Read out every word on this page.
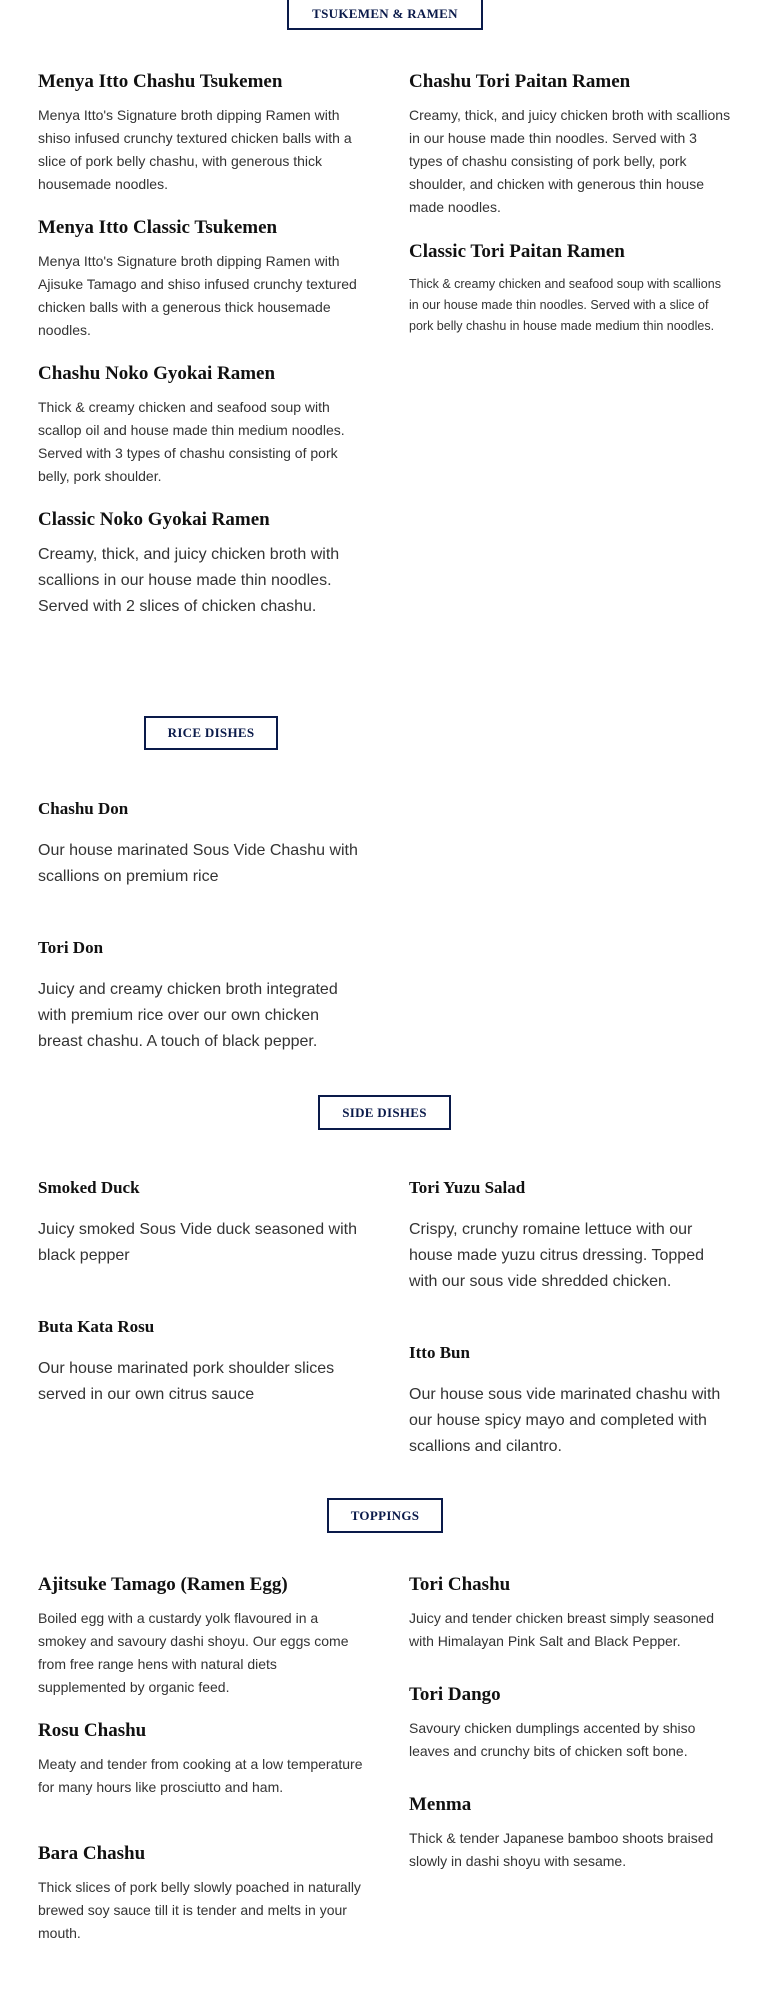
TSUKEMEN & RAMEN
Menya Itto Chashu Tsukemen

Menya Itto's Signature broth dipping Ramen with shiso infused crunchy textured chicken balls with a slice of pork belly chashu, with generous thick housemade noodles.

Menya Itto Classic Tsukemen

Menya Itto's Signature broth dipping Ramen with Ajisuke Tamago and shiso infused crunchy textured chicken balls with a generous thick housemade noodles.

Chashu Noko Gyokai Ramen

Thick & creamy chicken and seafood soup with scallop oil and house made thin medium noodles. Served with 3 types of chashu consisting of pork belly, pork shoulder.

Classic Noko Gyokai Ramen

Creamy, thick, and juicy chicken broth with scallions in our house made thin noodles. Served with 2 slices of chicken chashu.

Chashu Tori Paitan Ramen

Creamy, thick, and juicy chicken broth with scallions in our house made thin noodles. Served with 3 types of chashu consisting of pork belly, pork shoulder, and chicken with generous thin house made noodles.

Classic Tori Paitan Ramen

Thick & creamy chicken and seafood soup with scallions in our house made thin noodles. Served with a slice of pork belly chashu in house made medium thin noodles.

RICE DISHES
Chashu Don

Our house marinated Sous Vide Chashu with scallions on premium rice

Tori Don

Juicy and creamy chicken broth integrated with premium rice over our own chicken breast chashu. A touch of black pepper.

SIDE DISHES
Smoked Duck

Juicy smoked Sous Vide duck seasoned with black pepper

Buta Kata Rosu

Our house marinated pork shoulder slices served in our own citrus sauce

Tori Yuzu Salad

Crispy, crunchy romaine lettuce with our house made yuzu citrus dressing. Topped with our sous vide shredded chicken.

Itto Bun

Our house sous vide marinated chashu with our house spicy mayo and completed with scallions and cilantro.

TOPPINGS
Ajitsuke Tamago (Ramen Egg)

Boiled egg with a custardy yolk flavoured in a smokey and savoury dashi shoyu. Our eggs come from free range hens with natural diets supplemented by organic feed.

Rosu Chashu

Meaty and tender from cooking at a low temperature for many hours like prosciutto and ham.

Bara Chashu

Thick slices of pork belly slowly poached in naturally brewed soy sauce till it is tender and melts in your mouth.

Tori Chashu

Juicy and tender chicken breast simply seasoned with Himalayan Pink Salt and Black Pepper.

Tori Dango

Savoury chicken dumplings accented by shiso leaves and crunchy bits of chicken soft bone.

Menma

Thick & tender Japanese bamboo shoots braised slowly in dashi shoyu with sesame.
